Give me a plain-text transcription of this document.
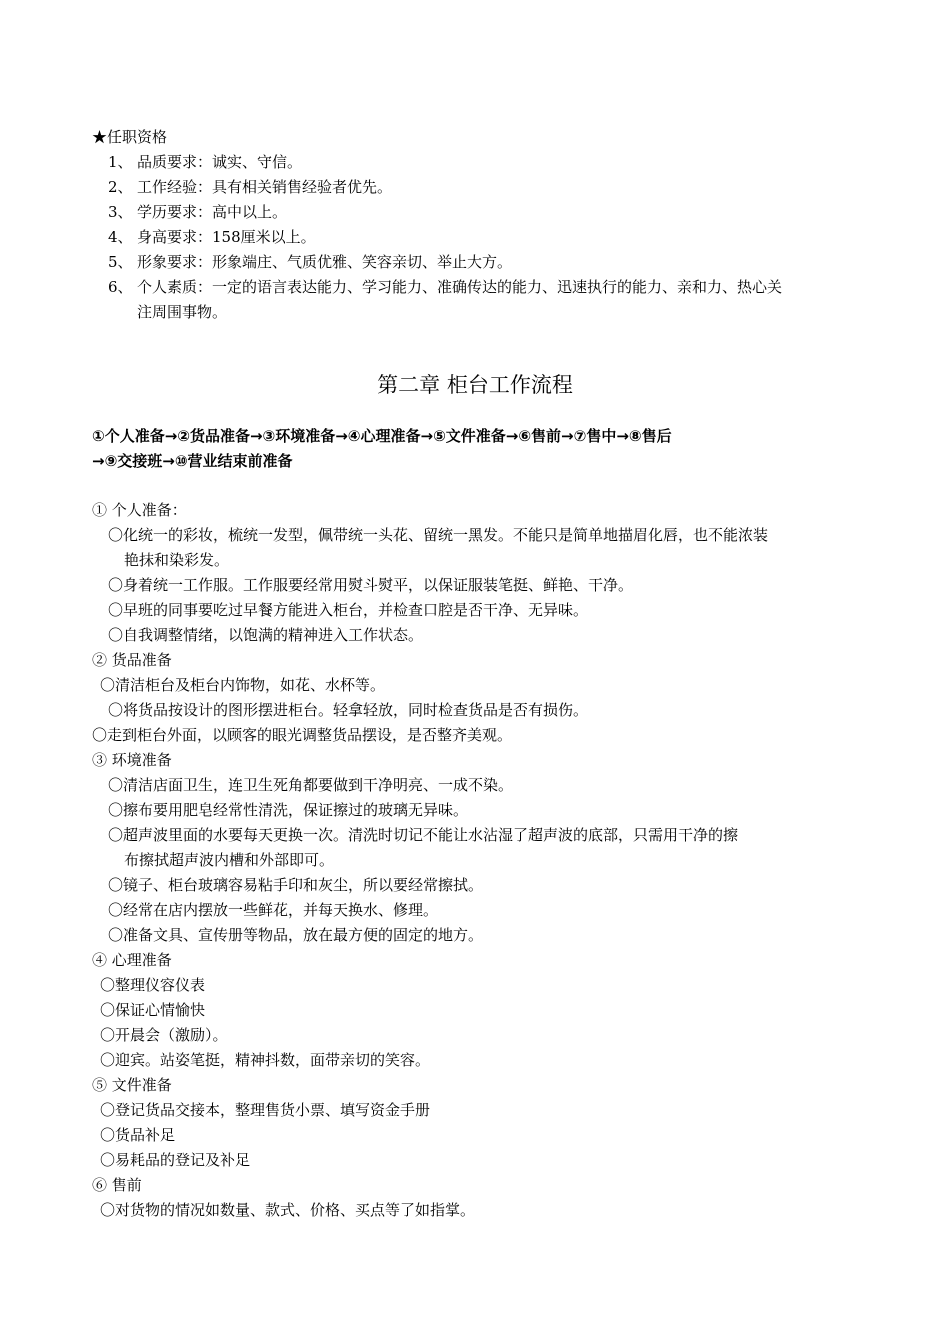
★任职资格
1、 品质要求：诚实、守信。
2、 工作经验：具有相关销售经验者优先。
3、 学历要求：高中以上。
4、 身高要求：158厘米以上。
5、 形象要求：形象端庄、气质优雅、笑容亲切、举止大方。
6、 个人素质：一定的语言表达能力、学习能力、准确传达的能力、迅速执行的能力、亲和力、热心关
注周围事物。
第二章 柜台工作流程
①个人准备→②货品准备→③环境准备→④心理准备→⑤文件准备→⑥售前→⑦售中→⑧售后
→⑨交接班→⑩营业结束前准备
① 个人准备：
〇化统一的彩妆，梳统一发型，佩带统一头花、留统一黑发。不能只是简单地描眉化唇，也不能浓装
艳抹和染彩发。
〇身着统一工作服。工作服要经常用熨斗熨平，以保证服装笔挺、鲜艳、干净。
〇早班的同事要吃过早餐方能进入柜台，并检查口腔是否干净、无异味。
〇自我调整情绪，以饱满的精神进入工作状态。
② 货品准备
〇清洁柜台及柜台内饰物，如花、水杯等。
〇将货品按设计的图形摆进柜台。轻拿轻放，同时检查货品是否有损伤。
〇走到柜台外面，以顾客的眼光调整货品摆设，是否整齐美观。
③ 环境准备
〇清洁店面卫生，连卫生死角都要做到干净明亮、一成不染。
〇擦布要用肥皂经常性清洗，保证擦过的玻璃无异味。
〇超声波里面的水要每天更换一次。清洗时切记不能让水沾湿了超声波的底部，只需用干净的擦
布擦拭超声波内槽和外部即可。
〇镜子、柜台玻璃容易粘手印和灰尘，所以要经常擦拭。
〇经常在店内摆放一些鲜花，并每天换水、修理。
〇准备文具、宣传册等物品，放在最方便的固定的地方。
④ 心理准备
〇整理仪容仪表
〇保证心情愉快
〇开晨会（激励）。
〇迎宾。站姿笔挺，精神抖数，面带亲切的笑容。
⑤ 文件准备
〇登记货品交接本，整理售货小票、填写资金手册
〇货品补足
〇易耗品的登记及补足
⑥ 售前
〇对货物的情况如数量、款式、价格、买点等了如指掌。
